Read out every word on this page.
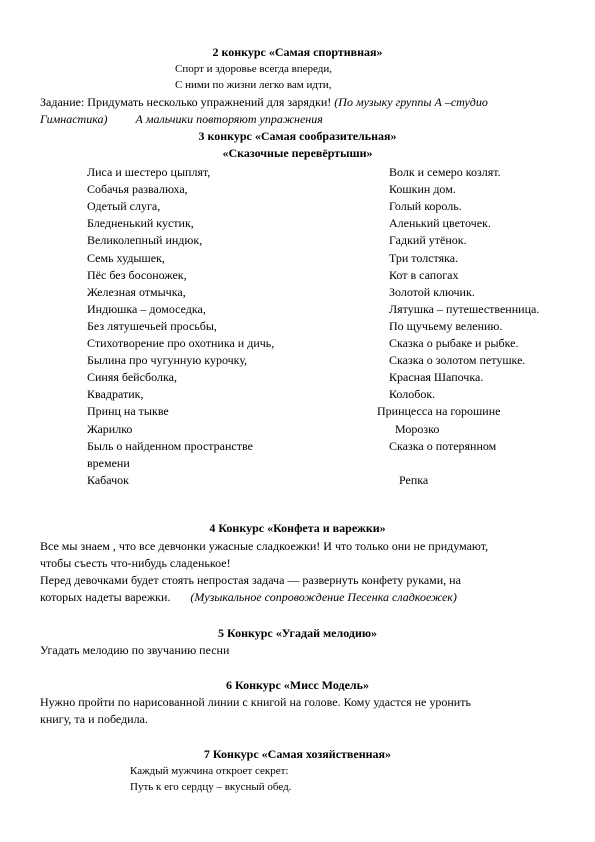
2 конкурс «Самая спортивная»
Спорт и здоровье всегда впереди,
С ними по жизни легко вам идти,
Задание: Придумать несколько упражнений для зарядки! (По музыку группы А –студио
Гимнастика) А мальчики повторяют упражнения
3 конкурс «Самая сообразительная»
«Сказочные перевёртыши»
Лиса и шестеро цыплят,	Волк и семеро козлят.
Собачья развалюха,	Кошкин дом.
Одетый слуга,	Голый король.
Бледненький кустик,	Аленький цветочек.
Великолепный индюк,	Гадкий утёнок.
Семь худышек,	Три толстяка.
Пёс без босоножек,	Кот в сапогах
Железная отмычка,	Золотой ключик.
Индюшка – домоседка,	Лятушка – путешественница.
Без лятушечьей просьбы,	По щучьему велению.
Стихотворение про охотника и дичь,	Сказка о рыбаке и рыбке.
Былина про чугунную курочку,	Сказка о золотом петушке.
Синяя бейсболка,	Красная Шапочка.
Квадратик,	Колобок.
Принц на тыкве	Принцесса на горошине
Жарилко	Морозко
Быль о найденном пространстве	Сказка о потерянном
времени
Кабачок	Репка
4 Конкурс «Конфета и варежки»
Все мы знаем , что все девчонки ужасные сладкоежки! И что только они не придумают,
чтобы съесть что-нибудь сладенькое!
Перед девочками будет стоять непростая задача — развернуть конфету руками, на
которых надеты варежки. (Музыкальное сопровождение Песенка сладкоежек)
5 Конкурс «Угадай мелодию»
Угадать мелодию по звучанию песни
6 Конкурс «Мисс Модель»
Нужно пройти по нарисованной линии с книгой на голове. Кому удастся не уронить
книгу, та и победила.
7 Конкурс «Самая хозяйственная»
Каждый мужчина откроет секрет:
Путь к его сердцу – вкусный обед.
